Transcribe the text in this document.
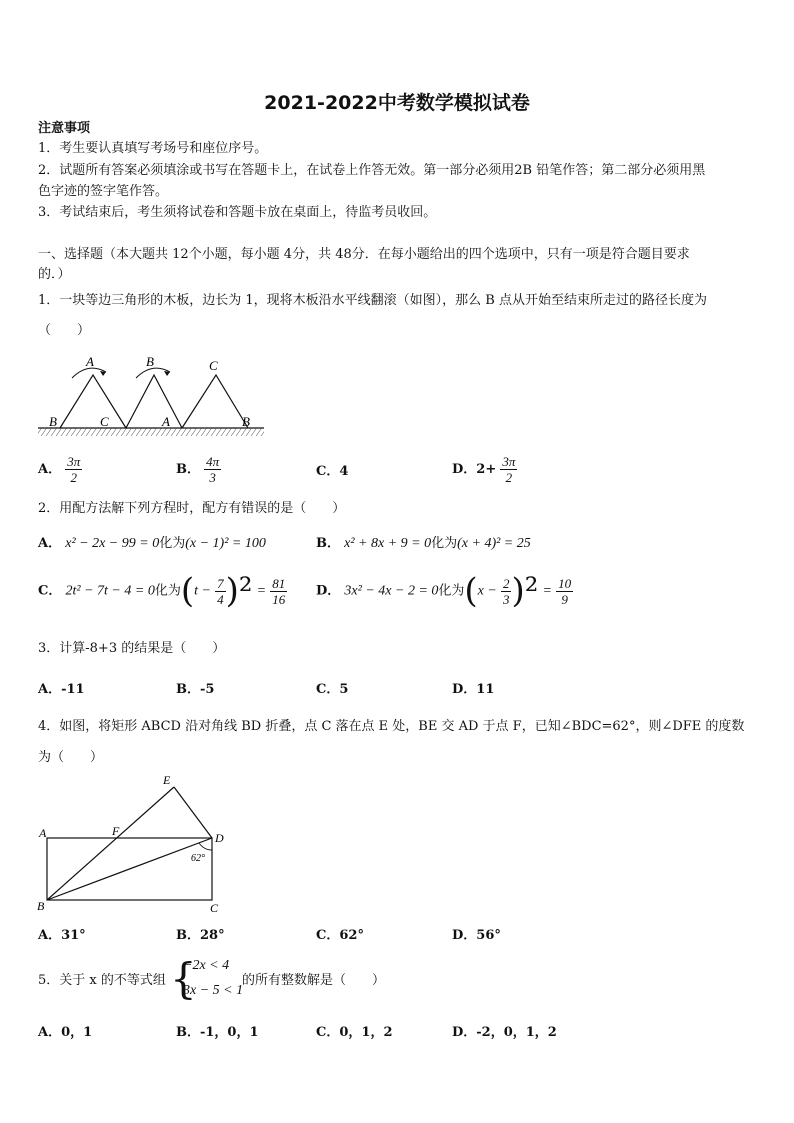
2021-2022中考数学模拟试卷
注意事项
1．考生要认真填写考场号和座位序号。
2．试题所有答案必须填涂或书写在答题卡上，在试卷上作答无效。第一部分必须用2B 铅笔作答；第二部分必须用黑
色字迹的签字笔作答。
3．考试结束后，考生须将试卷和答题卡放在桌面上，待监考员收回。
一、选择题（本大题共 12个小题，每小题 4分，共 48分．在每小题给出的四个选项中，只有一项是符合题目要求
的．）
1．一块等边三角形的木板，边长为 1，现将木板沿水平线翻滚（如图），那么 B 点从开始至结束所走过的路径长度为
（　　）
A	B	C
B	C	A	B
A． $\frac{3\pi}{2}$	B． $\frac{4\pi}{3}$	C．4	D．$2+ \frac{3\pi}{2}$
2．用配方法解下列方程时，配方有错误的是（　　）
A． x² − 2x − 99 = 0化为(x − 1)² = 100	B． x² + 8x + 9 = 0化为(x + 4)² = 25
C． 2t² − 7t − 4 = 0化为$(t - \frac{7}{4} )^2 = \frac{81}{16}$ D． 3x² − 4x − 2 = 0化为$(x - \frac{2}{3} )^2 = \frac{10}{9}$
3．计算-8+3 的结果是（　　）
A．-11	B．-5	C．5	D．11
4．如图，将矩形 ABCD 沿对角线 BD 折叠，点 C 落在点 E 处，BE 交 AD 于点 F，已知∠BDC=62°，则∠DFE 的度数
为（　　）
E
A	F	D
B	C
62°
A．31°	B．28°	C．62°	D．56°
5．关于 x 的不等式组 {
−2x < 4
3x − 5 < 1
的所有整数解是（　　）
A．0，1	B．-1，0，1	C．0，1，2	D．-2，0，1，2
